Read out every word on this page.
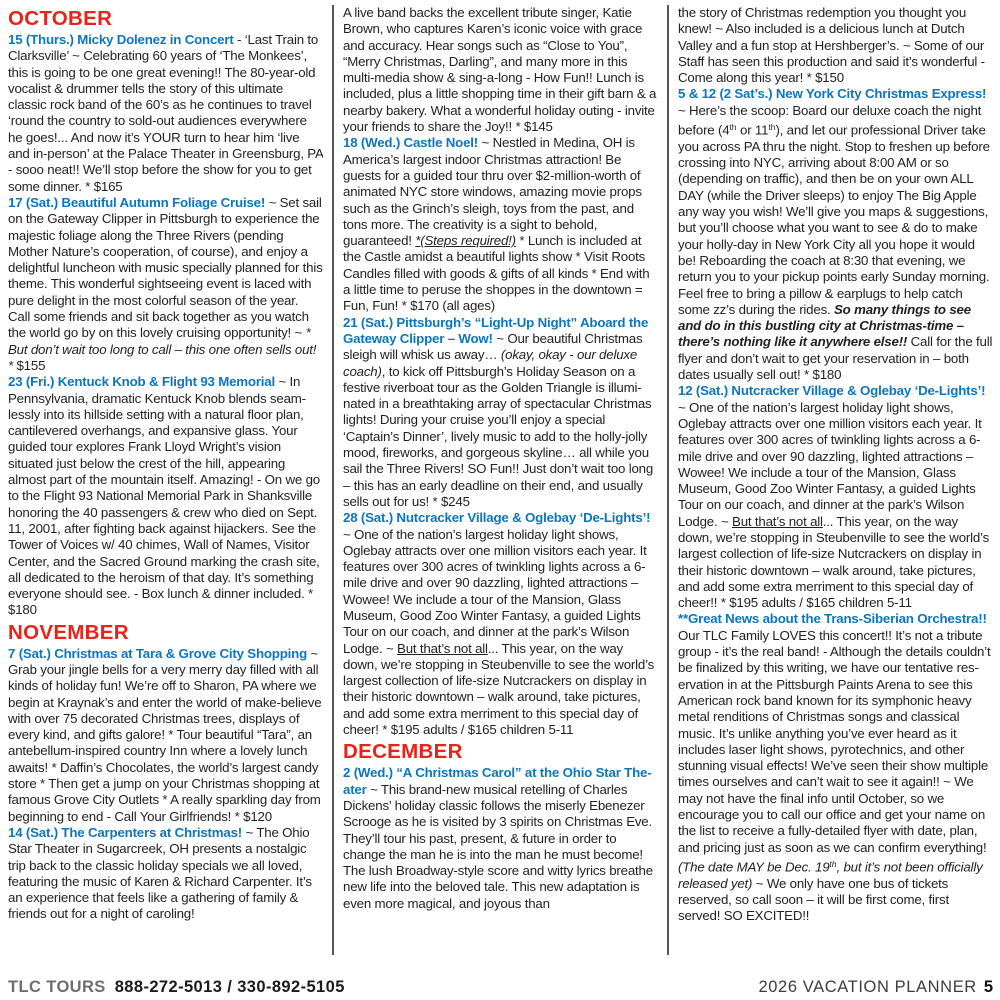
OCTOBER

15 (Thurs.) Micky Dolenez in Concert - ‘Last Train to Clarksville’ ~ Celebrating 60 years of ‘The Monkees’, this is going to be one great evening!! The 80-year-old vocalist & drummer tells the story of this ultimate classic rock band of the 60’s as he continues to travel ‘round the country to sold-out audiences everywhere he goes!... And now it’s YOUR turn to hear him ‘live and in-person’ at the Palace Theater in Greensburg, PA - sooo neat!! We’ll stop before the show for you to get some dinner. * $165

17 (Sat.) Beautiful Autumn Foliage Cruise! ~ Set sail on the Gateway Clipper in Pittsburgh to experience the majestic foliage along the Three Rivers (pending Mother Nature’s cooperation, of course), and enjoy a delightful luncheon with music specially planned for this theme. This wonderful sightseeing event is laced with pure delight in the most colorful season of the year. Call some friends and sit back together as you watch the world go by on this lovely cruising opportunity! ~ * But don’t wait too long to call – this one often sells out! * $155

23 (Fri.) Kentuck Knob & Flight 93 Memorial ~ In Pennsylvania, dramatic Kentuck Knob blends seamlessly into its hillside setting with a natural floor plan, cantilevered overhangs, and expansive glass. Your guided tour explores Frank Lloyd Wright’s vision situated just below the crest of the hill, appearing almost part of the mountain itself. Amazing! - On we go to the Flight 93 National Memorial Park in Shanksville honoring the 40 passengers & crew who died on Sept. 11, 2001, after fighting back against hijackers. See the Tower of Voices w/ 40 chimes, Wall of Names, Visitor Center, and the Sacred Ground marking the crash site, all dedicated to the heroism of that day. It’s something everyone should see. - Box lunch & dinner included. * $180

NOVEMBER

7 (Sat.) Christmas at Tara & Grove City Shopping ~ Grab your jingle bells for a very merry day filled with all kinds of holiday fun! We’re off to Sharon, PA where we begin at Kraynak’s and enter the world of make-believe with over 75 decorated Christmas trees, displays of every kind, and gifts galore! * Tour beautiful “Tara”, an antebellum-inspired country Inn where a lovely lunch awaits! * Daffin’s Chocolates, the world’s largest candy store * Then get a jump on your Christmas shopping at famous Grove City Outlets * A really sparkling day from beginning to end - Call Your Girlfriends! * $120

14 (Sat.) The Carpenters at Christmas! ~ The Ohio Star Theater in Sugarcreek, OH presents a nostalgic trip back to the classic holiday specials we all loved, featuring the music of Karen & Richard Carpenter. It’s an experience that feels like a gathering of family & friends out for a night of caroling!

A live band backs the excellent tribute singer, Katie Brown, who captures Karen’s iconic voice with grace and accuracy. Hear songs such as “Close to You”, “Merry Christmas, Darling”, and many more in this multi-media show & sing-a-long - How Fun!! Lunch is included, plus a little shopping time in their gift barn & a nearby bakery. What a wonderful holiday outing - invite your friends to share the Joy!! * $145

18 (Wed.) Castle Noel! ~ Nestled in Medina, OH is America’s largest indoor Christmas attraction! Be guests for a guided tour thru over $2-million-worth of animated NYC store windows, amazing movie props such as the Grinch’s sleigh, toys from the past, and tons more. The creativity is a sight to behold, guaranteed! *(Steps required!) * Lunch is included at the Castle amidst a beautiful lights show * Visit Roots Candles filled with goods & gifts of all kinds * End with a little time to peruse the shoppes in the downtown = Fun, Fun! * $170 (all ages)

21 (Sat.) Pittsburgh’s “Light-Up Night” Aboard the Gateway Clipper – Wow! ~ Our beautiful Christmas sleigh will whisk us away… (okay, okay - our deluxe coach), to kick off Pittsburgh’s Holiday Season on a festive riverboat tour as the Golden Triangle is illuminated in a breathtaking array of spectacular Christmas lights! During your cruise you’ll enjoy a special ‘Captain’s Dinner’, lively music to add to the holly-jolly mood, fireworks, and gorgeous skyline… all while you sail the Three Rivers! SO Fun!! Just don’t wait too long – this has an early deadline on their end, and usually sells out for us! * $245

28 (Sat.) Nutcracker Village & Oglebay ‘De-Lights’! ~ One of the nation’s largest holiday light shows, Oglebay attracts over one million visitors each year. It features over 300 acres of twinkling lights across a 6-mile drive and over 90 dazzling, lighted attractions – Wowee! We include a tour of the Mansion, Glass Museum, Good Zoo Winter Fantasy, a guided Lights Tour on our coach, and dinner at the park’s Wilson Lodge. ~ But that’s not all... This year, on the way down, we’re stopping in Steubenville to see the world’s largest collection of life-size Nutcrackers on display in their historic downtown – walk around, take pictures, and add some extra merriment to this special day of cheer! * $195 adults / $165 children 5-11

DECEMBER

2 (Wed.) “A Christmas Carol” at the Ohio Star Theater ~ This brand-new musical retelling of Charles Dickens’ holiday classic follows the miserly Ebenezer Scrooge as he is visited by 3 spirits on Christmas Eve. They’ll tour his past, present, & future in order to change the man he is into the man he must become! The lush Broadway-style score and witty lyrics breathe new life into the beloved tale. This new adaptation is even more magical, and joyous than

the story of Christmas redemption you thought you knew! ~ Also included is a delicious lunch at Dutch Valley and a fun stop at Hershberger’s. ~ Some of our Staff has seen this production and said it’s wonderful - Come along this year! * $150

5 & 12 (2 Sat’s.) New York City Christmas Express! ~ Here’s the scoop: Board our deluxe coach the night before (4th or 11th), and let our professional Driver take you across PA thru the night. Stop to freshen up before crossing into NYC, arriving about 8:00 AM or so (depending on traffic), and then be on your own ALL DAY (while the Driver sleeps) to enjoy The Big Apple any way you wish! We’ll give you maps & suggestions, but you’ll choose what you want to see & do to make your holly-day in New York City all you hope it would be! Reboarding the coach at 8:30 that evening, we return you to your pickup points early Sunday morning. Feel free to bring a pillow & earplugs to help catch some zz’s during the rides. So many things to see and do in this bustling city at Christmas-time – there’s nothing like it anywhere else!! Call for the full flyer and don’t wait to get your reservation in – both dates usually sell out! * $180

12 (Sat.) Nutcracker Village & Oglebay ‘De-Lights’! ~ One of the nation’s largest holiday light shows, Oglebay attracts over one million visitors each year. It features over 300 acres of twinkling lights across a 6-mile drive and over 90 dazzling, lighted attractions – Wowee! We include a tour of the Mansion, Glass Museum, Good Zoo Winter Fantasy, a guided Lights Tour on our coach, and dinner at the park’s Wilson Lodge. ~ But that’s not all... This year, on the way down, we’re stopping in Steubenville to see the world’s largest collection of life-size Nutcrackers on display in their historic downtown – walk around, take pictures, and add some extra merriment to this special day of cheer!! * $195 adults / $165 children 5-11

**Great News about the Trans-Siberian Orchestra!! Our TLC Family LOVES this concert!! It’s not a tribute group - it’s the real band! - Although the details couldn’t be finalized by this writing, we have our tentative reservation in at the Pittsburgh Paints Arena to see this American rock band known for its symphonic heavy metal renditions of Christmas songs and classical music. It’s unlike anything you’ve ever heard as it includes laser light shows, pyrotechnics, and other stunning visual effects! We’ve seen their show multiple times ourselves and can’t wait to see it again!! ~ We may not have the final info until October, so we encourage you to call our office and get your name on the list to receive a fully-detailed flyer with date, plan, and pricing just as soon as we can confirm everything! (The date MAY be Dec. 19th, but it’s not been officially released yet) ~ We only have one bus of tickets reserved, so call soon – it will be first come, first served! SO EXCITED!!

TLC TOURS 888-272-5013 / 330-892-5105	2026 VACATION PLANNER 5
